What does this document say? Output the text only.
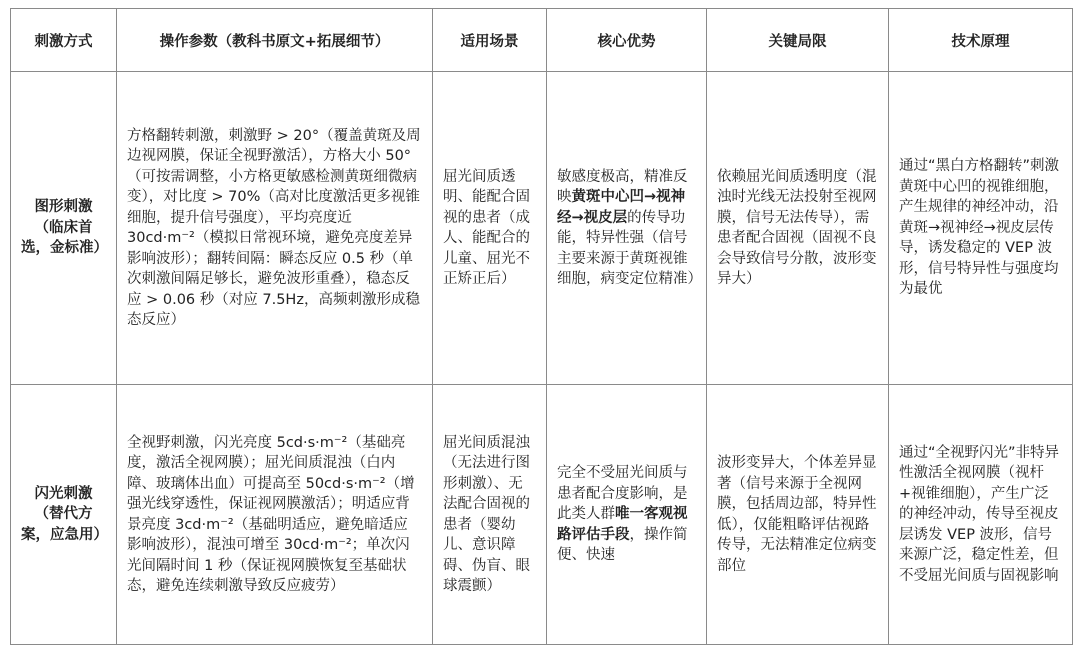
刺激方式	操作参数（教科书原文+拓展细节）	适用场景	核心优势	关键局限	技术原理
图形刺激（临床首选，金标准）	方格翻转刺激，刺激野 > 20°（覆盖黄斑及周边视网膜，保证全视野激活），方格大小 50°（可按需调整，小方格更敏感检测黄斑细微病变），对比度 > 70%（高对比度激活更多视锥细胞，提升信号强度），平均亮度近 30cd·m⁻²（模拟日常视环境，避免亮度差异影响波形）；翻转间隔：瞬态反应 0.5 秒（单次刺激间隔足够长，避免波形重叠），稳态反应 > 0.06 秒（对应 7.5Hz，高频刺激形成稳态反应）	屈光间质透明、能配合固视的患者（成人、能配合的儿童、屈光不正矫正后）	敏感度极高，精准反映黄斑中心凹→视神经→视皮层的传导功能，特异性强（信号主要来源于黄斑视锥细胞，病变定位精准）	依赖屈光间质透明度（混浊时光线无法投射至视网膜，信号无法传导），需患者配合固视（固视不良会导致信号分散，波形变异大）	通过“黑白方格翻转”刺激黄斑中心凹的视锥细胞，产生规律的神经冲动，沿黄斑→视神经→视皮层传导，诱发稳定的 VEP 波形，信号特异性与强度均为最优
闪光刺激（替代方案，应急用）	全视野刺激，闪光亮度 5cd·s·m⁻²（基础亮度，激活全视网膜）；屈光间质混浊（白内障、玻璃体出血）可提高至 50cd·s·m⁻²（增强光线穿透性，保证视网膜激活）；明适应背景亮度 3cd·m⁻²（基础明适应，避免暗适应影响波形），混浊可增至 30cd·m⁻²；单次闪光间隔时间 1 秒（保证视网膜恢复至基础状态，避免连续刺激导致反应疲劳）	屈光间质混浊（无法进行图形刺激）、无法配合固视的患者（婴幼儿、意识障碍、伪盲、眼球震颤）	完全不受屈光间质与患者配合度影响，是此类人群唯一客观视路评估手段，操作简便、快速	波形变异大，个体差异显著（信号来源于全视网膜，包括周边部，特异性低），仅能粗略评估视路传导，无法精准定位病变部位	通过“全视野闪光”非特异性激活全视网膜（视杆+视锥细胞），产生广泛的神经冲动，传导至视皮层诱发 VEP 波形，信号来源广泛，稳定性差，但不受屈光间质与固视影响
